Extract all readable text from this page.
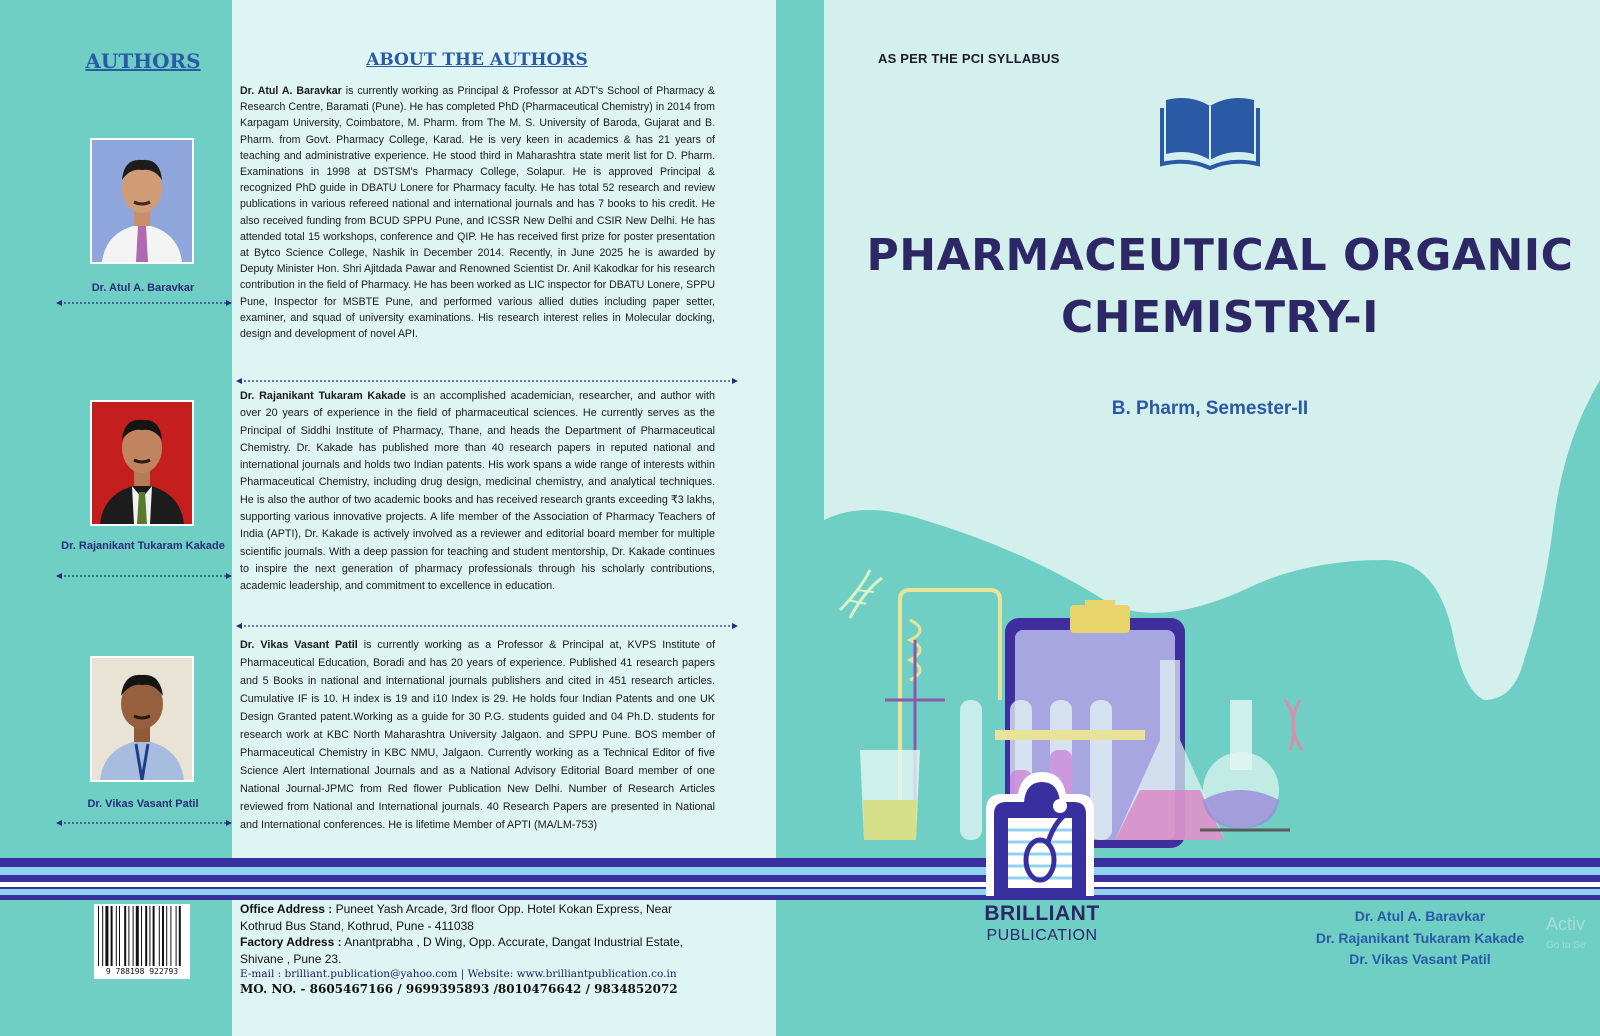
AUTHORS
Dr. Atul A. Baravkar
Dr. Rajanikant Tukaram Kakade
Dr. Vikas Vasant Patil
ABOUT THE AUTHORS

Dr. Atul A. Baravkar is currently working as Principal & Professor at ADT's School of Pharmacy & Research Centre, Baramati (Pune). He has completed PhD (Pharmaceutical Chemistry) in 2014 from Karpagam University, Coimbatore, M. Pharm. from The M. S. University of Baroda, Gujarat and B. Pharm. from Govt. Pharmacy College, Karad. He is very keen in academics & has 21 years of teaching and administrative experience. He stood third in Maharashtra state merit list for D. Pharm. Examinations in 1998 at DSTSM's Pharmacy College, Solapur. He is approved Principal & recognized PhD guide in DBATU Lonere for Pharmacy faculty. He has total 52 research and review publications in various refereed national and international journals and has 7 books to his credit. He also received funding from BCUD SPPU Pune, and ICSSR New Delhi and CSIR New Delhi. He has attended total 15 workshops, conference and QIP. He has received first prize for poster presentation at Bytco Science College, Nashik in December 2014. Recently, in June 2025 he is awarded by Deputy Minister Hon. Shri Ajitdada Pawar and Renowned Scientist Dr. Anil Kakodkar for his research contribution in the field of Pharmacy. He has been worked as LIC inspector for DBATU Lonere, SPPU Pune, Inspector for MSBTE Pune, and performed various allied duties including paper setter, examiner, and squad of university examinations. His research interest relies in Molecular docking, design and development of novel API.

Dr. Rajanikant Tukaram Kakade is an accomplished academician, researcher, and author with over 20 years of experience in the field of pharmaceutical sciences. He currently serves as the Principal of Siddhi Institute of Pharmacy, Thane, and heads the Department of Pharmaceutical Chemistry. Dr. Kakade has published more than 40 research papers in reputed national and international journals and holds two Indian patents. His work spans a wide range of interests within Pharmaceutical Chemistry, including drug design, medicinal chemistry, and analytical techniques. He is also the author of two academic books and has received research grants exceeding ₹3 lakhs, supporting various innovative projects. A life member of the Association of Pharmacy Teachers of India (APTI), Dr. Kakade is actively involved as a reviewer and editorial board member for multiple scientific journals. With a deep passion for teaching and student mentorship, Dr. Kakade continues to inspire the next generation of pharmacy professionals through his scholarly contributions, academic leadership, and commitment to excellence in education.

Dr. Vikas Vasant Patil is currently working as a Professor & Principal at, KVPS Institute of Pharmaceutical Education, Boradi and has 20 years of experience. Published 41 research papers and 5 Books in national and international journals publishers and cited in 451 research articles. Cumulative IF is 10. H index is 19 and i10 Index is 29. He holds four Indian Patents and one UK Design Granted patent.Working as a guide for 30 P.G. students guided and 04 Ph.D. students for research work at KBC North Maharashtra University Jalgaon. and SPPU Pune. BOS member of Pharmaceutical Chemistry in KBC NMU, Jalgaon. Currently working as a Technical Editor of five Science Alert International Journals and as a National Advisory Editorial Board member of one National Journal-JPMC from Red flower Publication New Delhi. Number of Research Articles reviewed from National and International journals. 40 Research Papers are presented in National and International conferences. He is lifetime Member of APTI (MA/LM-753)

AS PER THE PCI SYLLABUS
PHARMACEUTICAL ORGANIC
CHEMISTRY-I
B. Pharm, Semester-II
9 788198 922793
Office Address : Puneet Yash Arcade, 3rd floor Opp. Hotel Kokan Express, Near Kothrud Bus Stand, Kothrud, Pune - 411038
Factory Address : Anantprabha , D Wing, Opp. Accurate, Dangat Industrial Estate, Shivane , Pune 23.
E-mail : brilliant.publication@yahoo.com | Website: www.brilliantpublication.co.in
MO. NO. - 8605467166 / 9699395893 /8010476642 / 9834852072
BRILLIANT
PUBLICATION
Dr. Atul A. Baravkar
Dr. Rajanikant Tukaram Kakade
Dr. Vikas Vasant Patil
Activ
Go to Se
